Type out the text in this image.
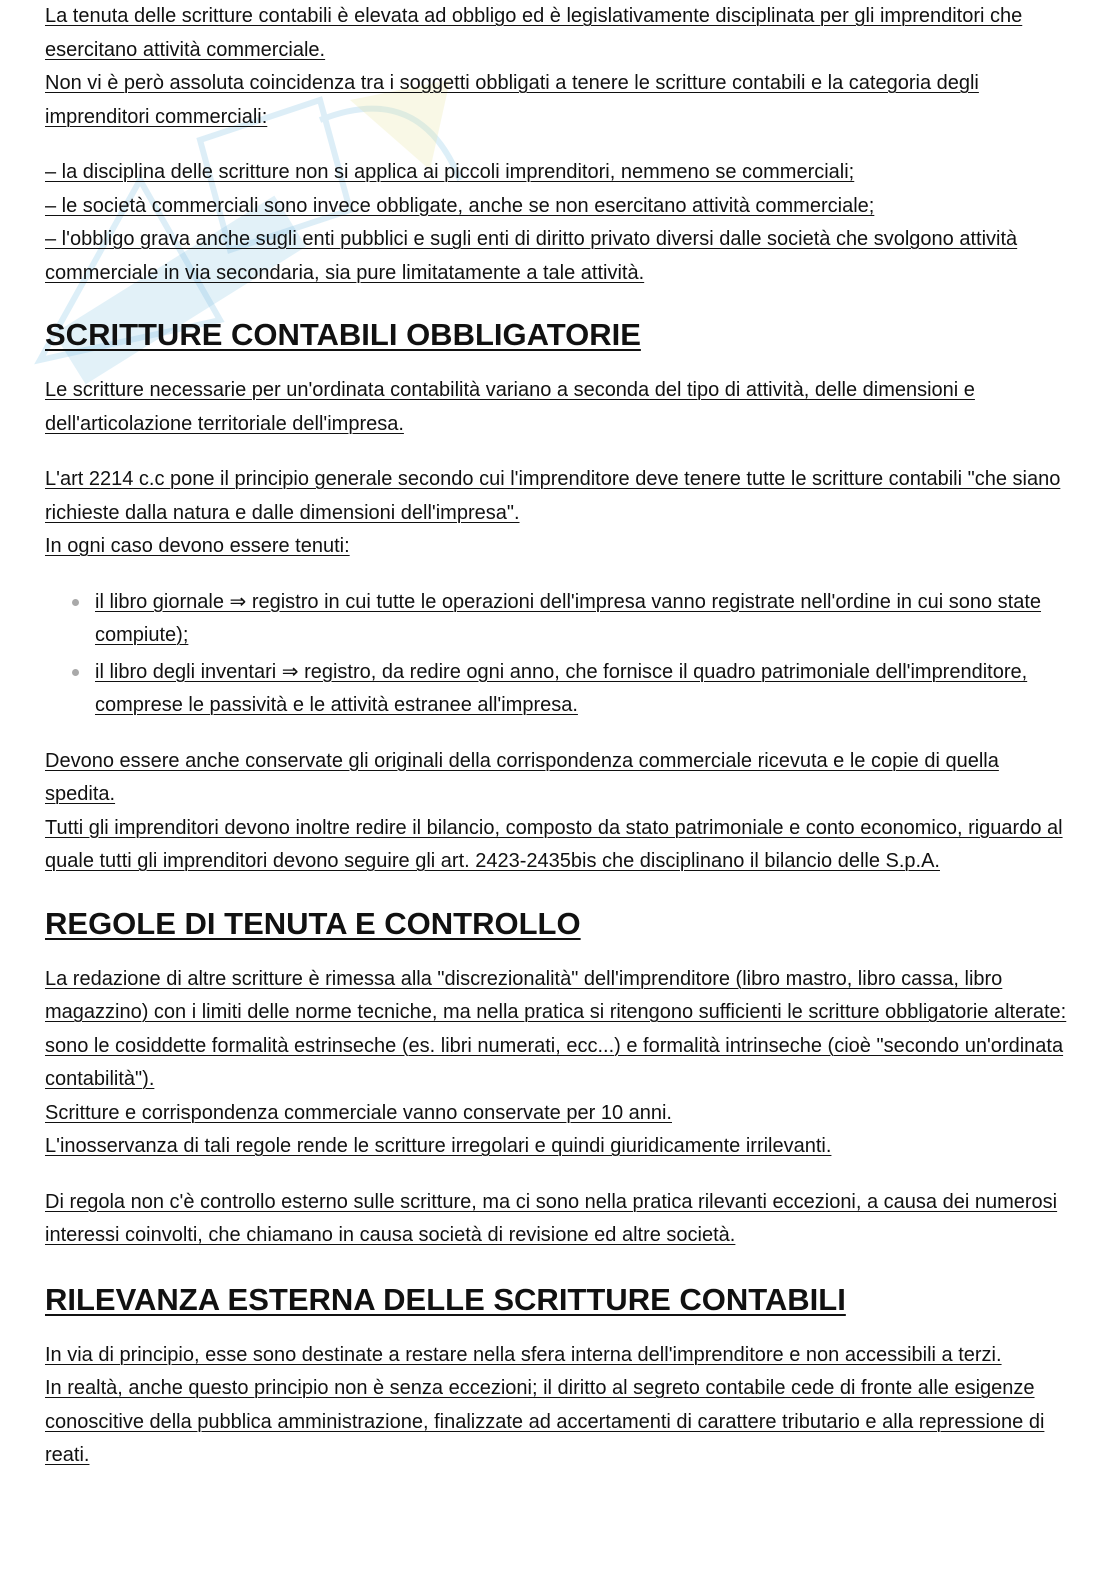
La tenuta delle scritture contabili è elevata ad obbligo ed è legislativamente disciplinata per gli imprenditori che esercitano attività commerciale.

Non vi è però assoluta coincidenza tra i soggetti obbligati a tenere le scritture contabili e la categoria degli imprenditori commerciali:

– la disciplina delle scritture non si applica ai piccoli imprenditori, nemmeno se commerciali;

– le società commerciali sono invece obbligate, anche se non esercitano attività commerciale;

– l'obbligo grava anche sugli enti pubblici e sugli enti di diritto privato diversi dalle società che svolgono attività commerciale in via secondaria, sia pure limitatamente a tale attività.

SCRITTURE CONTABILI OBBLIGATORIE

Le scritture necessarie per un'ordinata contabilità variano a seconda del tipo di attività, delle dimensioni e dell'articolazione territoriale dell'impresa.

L'art 2214 c.c pone il principio generale secondo cui l'imprenditore deve tenere tutte le scritture contabili "che siano richieste dalla natura e dalle dimensioni dell'impresa".

In ogni caso devono essere tenuti:

il libro giornale ⇒ registro in cui tutte le operazioni dell'impresa vanno registrate nell'ordine in cui sono state compiute);
il libro degli inventari ⇒ registro, da redire ogni anno, che fornisce il quadro patrimoniale dell'imprenditore, comprese le passività e le attività estranee all'impresa.

Devono essere anche conservate gli originali della corrispondenza commerciale ricevuta e le copie di quella spedita.

Tutti gli imprenditori devono inoltre redire il bilancio, composto da stato patrimoniale e conto economico, riguardo al quale tutti gli imprenditori devono seguire gli art. 2423-2435bis che disciplinano il bilancio delle S.p.A.

REGOLE DI TENUTA E CONTROLLO

La redazione di altre scritture è rimessa alla "discrezionalità" dell'imprenditore (libro mastro, libro cassa, libro magazzino) con i limiti delle norme tecniche, ma nella pratica si ritengono sufficienti le scritture obbligatorie alterate: sono le cosiddette formalità estrinseche (es. libri numerati, ecc...) e formalità intrinseche (cioè "secondo un'ordinata contabilità").

Scritture e corrispondenza commerciale vanno conservate per 10 anni.

L'inosservanza di tali regole rende le scritture irregolari e quindi giuridicamente irrilevanti.

Di regola non c'è controllo esterno sulle scritture, ma ci sono nella pratica rilevanti eccezioni, a causa dei numerosi interessi coinvolti, che chiamano in causa società di revisione ed altre società.

RILEVANZA ESTERNA DELLE SCRITTURE CONTABILI

In via di principio, esse sono destinate a restare nella sfera interna dell'imprenditore e non accessibili a terzi.

In realtà, anche questo principio non è senza eccezioni; il diritto al segreto contabile cede di fronte alle esigenze conoscitive della pubblica amministrazione, finalizzate ad accertamenti di carattere tributario e alla repressione di reati.
